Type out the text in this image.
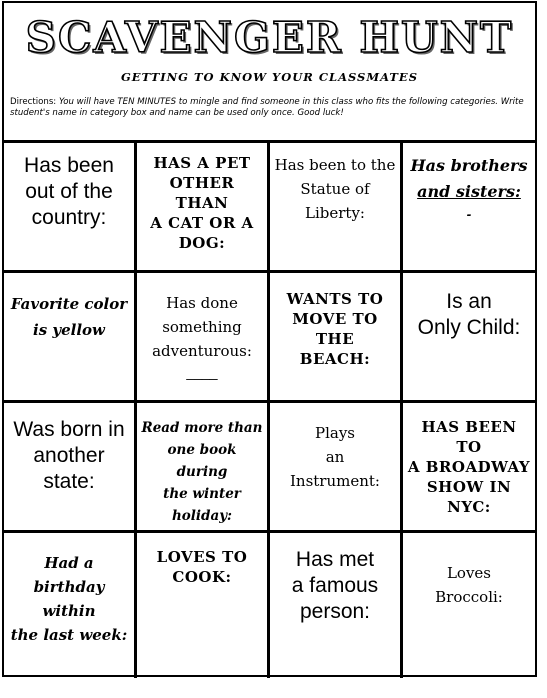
SCAVENGER HUNT
GETTING TO KNOW YOUR CLASSMATES
Directions: You will have TEN MINUTES to mingle and find someone in this class who fits the following categories. Write student's name in category box and name can be used only once. Good luck!
Has been
out of the
country:
HAS A PET
OTHER THAN
A CAT OR A
DOG:
Has been to the
Statue of
Liberty:
Has brothers
and sisters:
-
Favorite color
is yellow
Has done
something
adventurous:
____
WANTS TO
MOVE TO THE
BEACH:
Is an
Only Child:
Was born in
another
state:
Read more than
one book during
the winter
holiday:
Plays
an
Instrument:
HAS BEEN TO
A BROADWAY
SHOW IN NYC:
Had a
birthday within
the last week:
LOVES TO
COOK:
Has met
a famous
person:
Loves
Broccoli:
